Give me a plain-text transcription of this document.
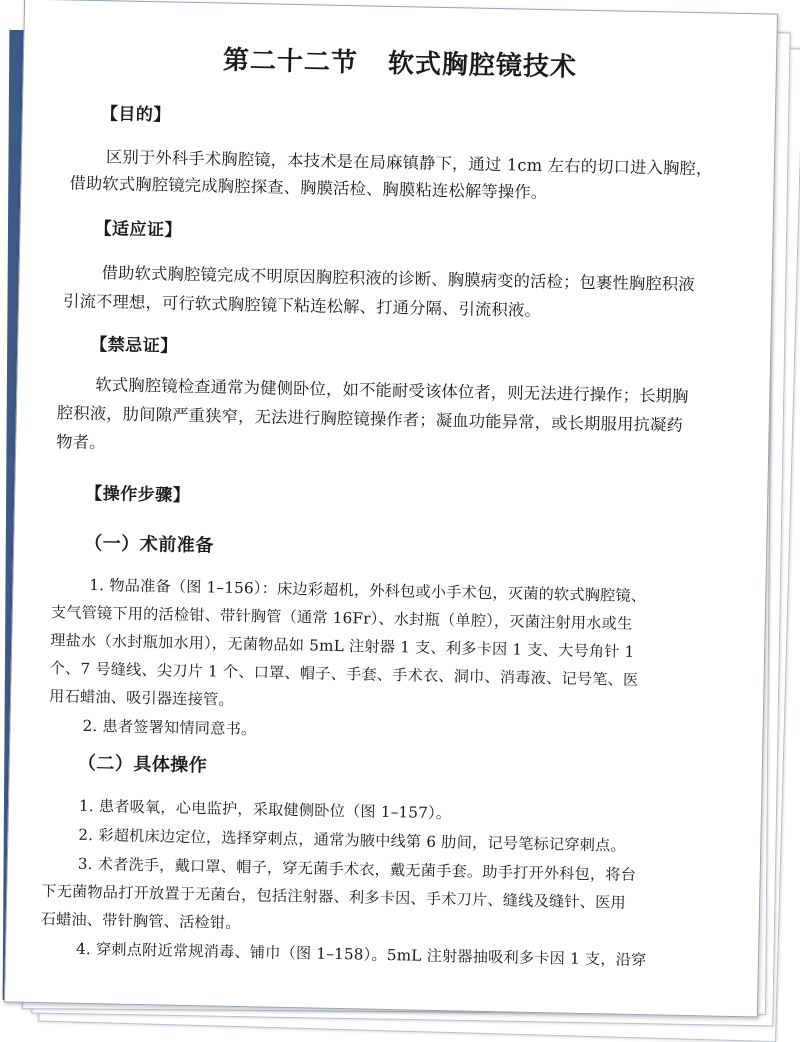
第二十二节 软式胸腔镜技术
【目的】
区别于外科手术胸腔镜，本技术是在局麻镇静下，通过 1cm 左右的切口进入胸腔，
借助软式胸腔镜完成胸腔探查、胸膜活检、胸膜粘连松解等操作。
【适应证】
借助软式胸腔镜完成不明原因胸腔积液的诊断、胸膜病变的活检；包裹性胸腔积液
引流不理想，可行软式胸腔镜下粘连松解、打通分隔、引流积液。
【禁忌证】
软式胸腔镜检查通常为健侧卧位，如不能耐受该体位者，则无法进行操作；长期胸
腔积液，肋间隙严重狭窄，无法进行胸腔镜操作者；凝血功能异常，或长期服用抗凝药
物者。
【操作步骤】
（一）术前准备
1. 物品准备（图 1–156）：床边彩超机，外科包或小手术包，灭菌的软式胸腔镜、
支气管镜下用的活检钳、带针胸管（通常 16Fr）、水封瓶（单腔），灭菌注射用水或生
理盐水（水封瓶加水用），无菌物品如 5mL 注射器 1 支、利多卡因 1 支、大号角针 1
个、7 号缝线、尖刀片 1 个、口罩、帽子、手套、手术衣、洞巾、消毒液、记号笔、医
用石蜡油、吸引器连接管。
2. 患者签署知情同意书。
（二）具体操作
1. 患者吸氧，心电监护，采取健侧卧位（图 1–157）。
2. 彩超机床边定位，选择穿刺点，通常为腋中线第 6 肋间，记号笔标记穿刺点。
3. 术者洗手，戴口罩、帽子，穿无菌手术衣，戴无菌手套。助手打开外科包，将台
下无菌物品打开放置于无菌台，包括注射器、利多卡因、手术刀片、缝线及缝针、医用
石蜡油、带针胸管、活检钳。
4. 穿刺点附近常规消毒、铺巾（图 1–158）。5mL 注射器抽吸利多卡因 1 支，沿穿
